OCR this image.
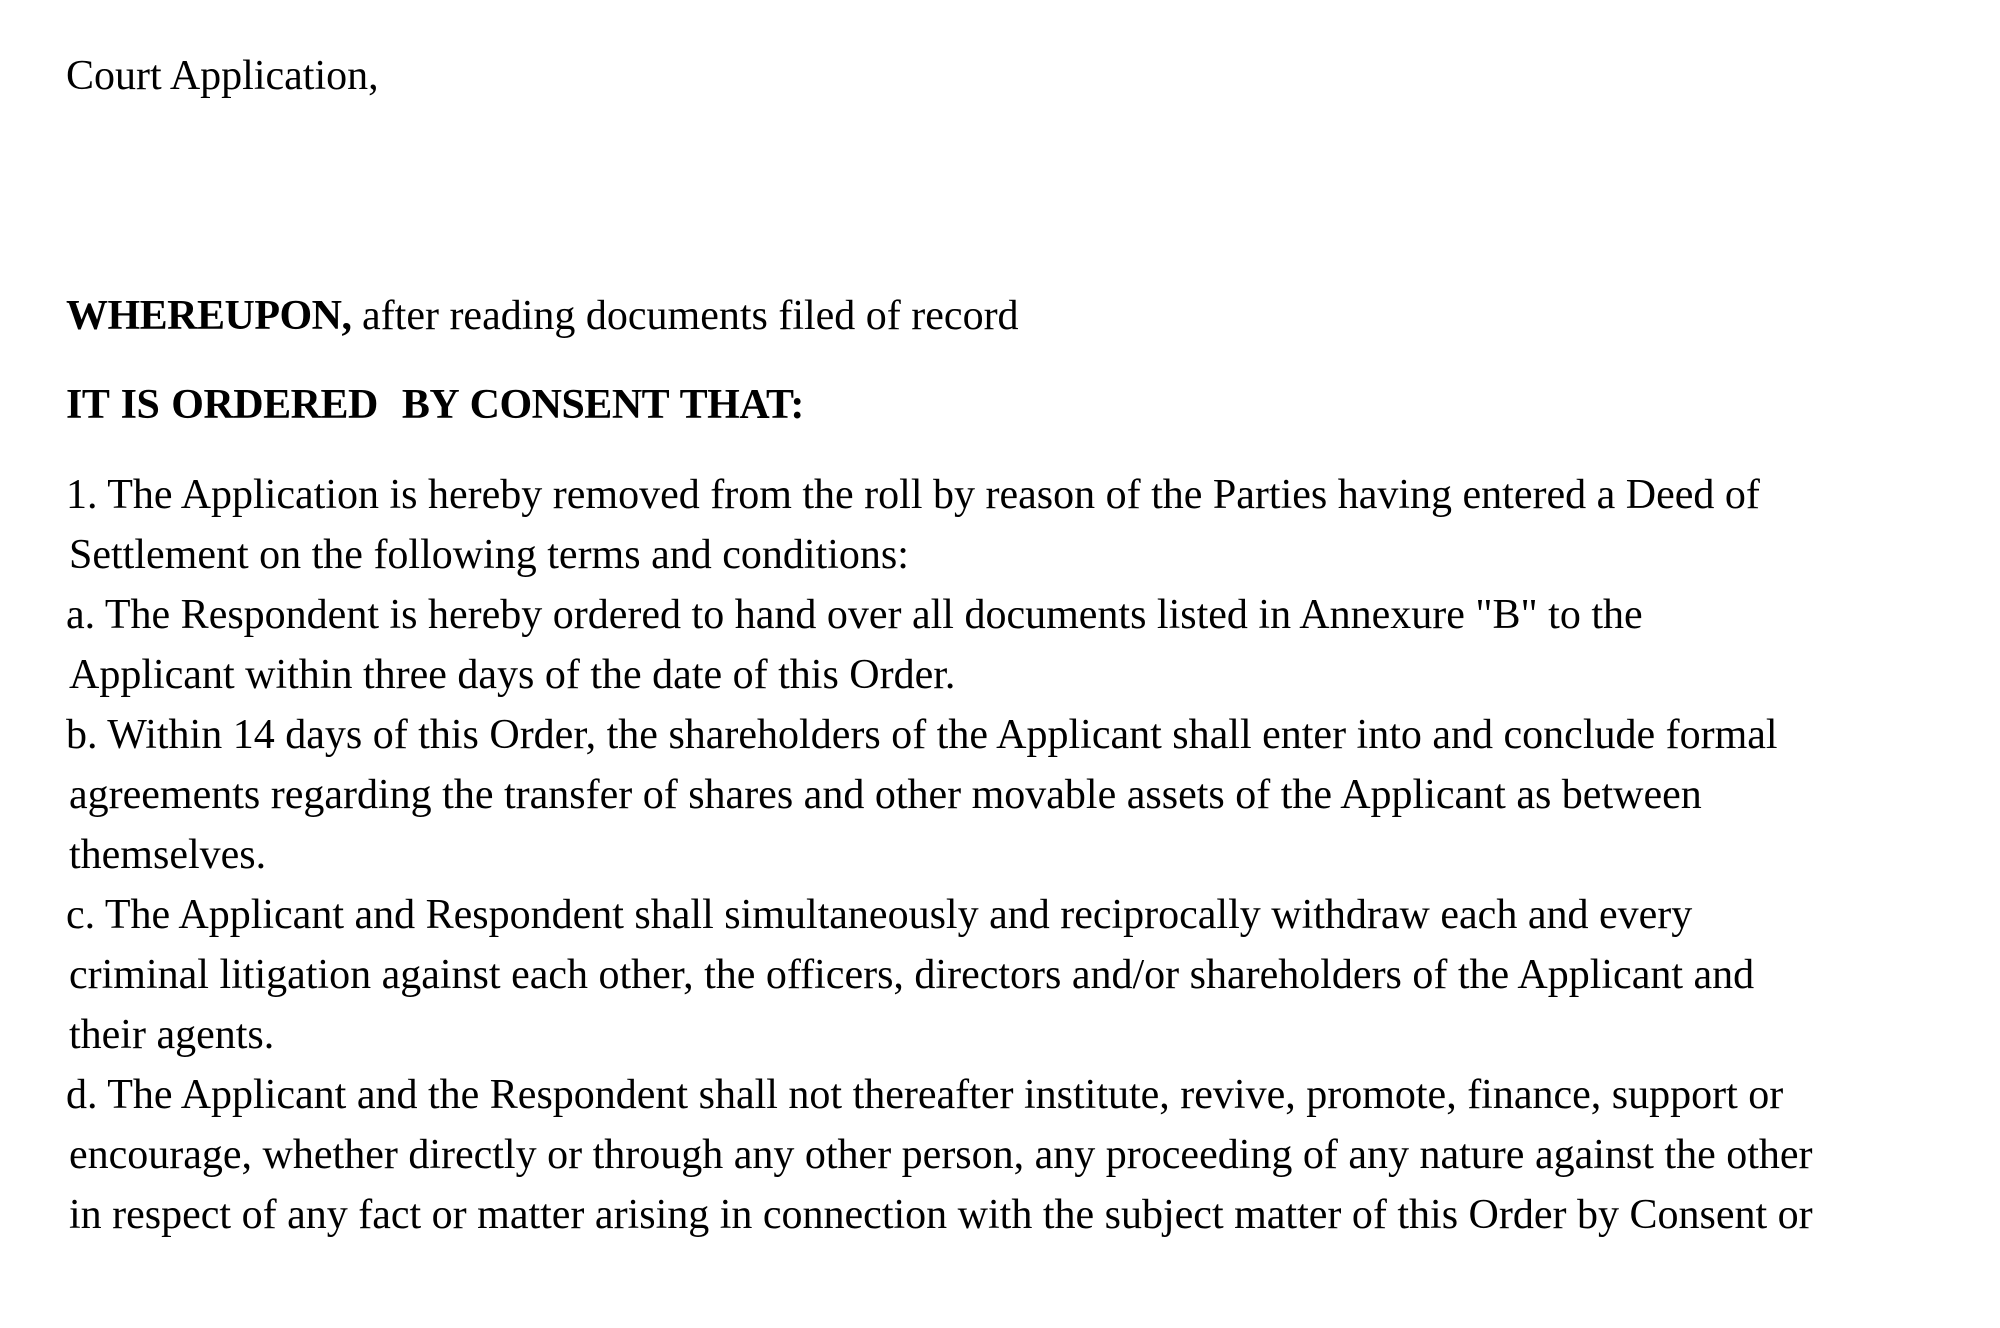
Court Application,
WHEREUPON, after reading documents filed of record
IT IS ORDERED  BY CONSENT THAT:
1. The Application is hereby removed from the roll by reason of the Parties having entered a Deed of
Settlement on the following terms and conditions:
a. The Respondent is hereby ordered to hand over all documents listed in Annexure "B" to the
Applicant within three days of the date of this Order.
b. Within 14 days of this Order, the shareholders of the Applicant shall enter into and conclude formal
agreements regarding the transfer of shares and other movable assets of the Applicant as between
themselves.
c. The Applicant and Respondent shall simultaneously and reciprocally withdraw each and every
criminal litigation against each other, the officers, directors and/or shareholders of the Applicant and
their agents.
d. The Applicant and the Respondent shall not thereafter institute, revive, promote, finance, support or
encourage, whether directly or through any other person, any proceeding of any nature against the other
in respect of any fact or matter arising in connection with the subject matter of this Order by Consent or
